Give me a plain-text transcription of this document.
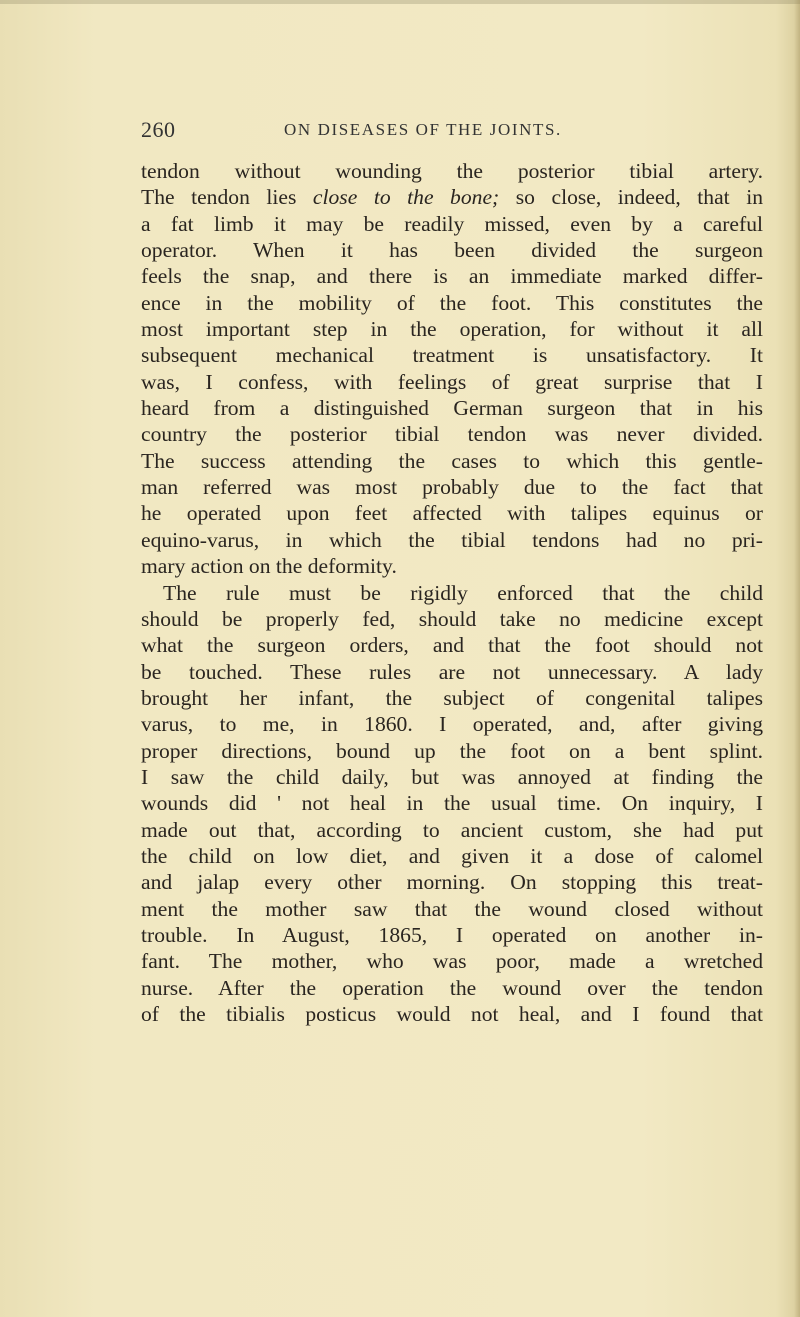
260	ON DISEASES OF THE JOINTS.
tendon without wounding the posterior tibial artery.
The tendon lies close to the bone; so close, indeed, that in
a fat limb it may be readily missed, even by a careful
operator. When it has been divided the surgeon
feels the snap, and there is an immediate marked differ-
ence in the mobility of the foot. This constitutes the
most important step in the operation, for without it all
subsequent mechanical treatment is unsatisfactory. It
was, I confess, with feelings of great surprise that I
heard from a distinguished German surgeon that in his
country the posterior tibial tendon was never divided.
The success attending the cases to which this gentle-
man referred was most probably due to the fact that
he operated upon feet affected with talipes equinus or
equino-varus, in which the tibial tendons had no pri-
mary action on the deformity.
The rule must be rigidly enforced that the child
should be properly fed, should take no medicine except
what the surgeon orders, and that the foot should not
be touched. These rules are not unnecessary. A lady
brought her infant, the subject of congenital talipes
varus, to me, in 1860. I operated, and, after giving
proper directions, bound up the foot on a bent splint.
I saw the child daily, but was annoyed at finding the
wounds did ' not heal in the usual time. On inquiry, I
made out that, according to ancient custom, she had put
the child on low diet, and given it a dose of calomel
and jalap every other morning. On stopping this treat-
ment the mother saw that the wound closed without
trouble. In August, 1865, I operated on another in-
fant. The mother, who was poor, made a wretched
nurse. After the operation the wound over the tendon
of the tibialis posticus would not heal, and I found that
